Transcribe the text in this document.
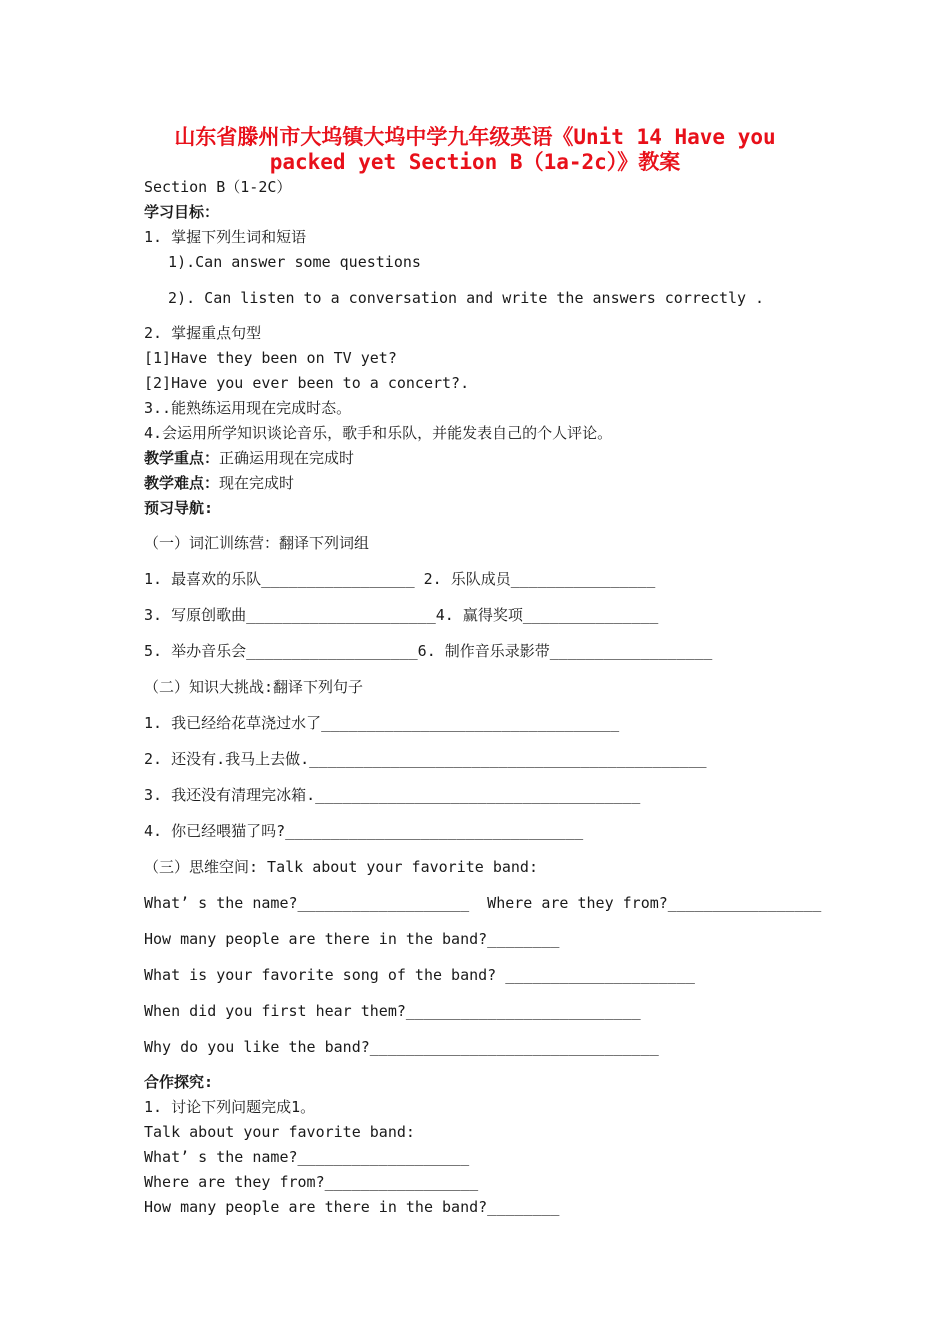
山东省滕州市大坞镇大坞中学九年级英语《Unit 14 Have you
packed yet Section B（1a-2c）》教案
Section B（1-2C）
学习目标：
1. 掌握下列生词和短语
1).Can answer some questions
2). Can listen to a conversation and write the answers correctly .
2. 掌握重点句型
[1]Have they been on TV yet?
[2]Have you ever been to a concert?.
3..能熟练运用现在完成时态。
4.会运用所学知识谈论音乐，歌手和乐队，并能发表自己的个人评论。
教学重点：正确运用现在完成时
教学难点：现在完成时
预习导航:
（一）词汇训练营：翻译下列词组
1. 最喜欢的乐队_________________ 2. 乐队成员________________
3. 写原创歌曲_____________________4. 赢得奖项_______________
5. 举办音乐会___________________6. 制作音乐录影带__________________
（二）知识大挑战:翻译下列句子
1. 我已经给花草浇过水了_________________________________
2. 还没有.我马上去做.____________________________________________
3. 我还没有清理完冰箱.____________________________________
4. 你已经喂猫了吗?_________________________________
（三）思维空间: Talk about your favorite band:
What’ s the name?___________________  Where are they from?_________________
How many people are there in the band?________
What is your favorite song of the band? _____________________
When did you first hear them?__________________________
Why do you like the band?________________________________
合作探究:
1. 讨论下列问题完成1。
Talk about your favorite band:
What’ s the name?___________________
Where are they from?_________________
How many people are there in the band?________
